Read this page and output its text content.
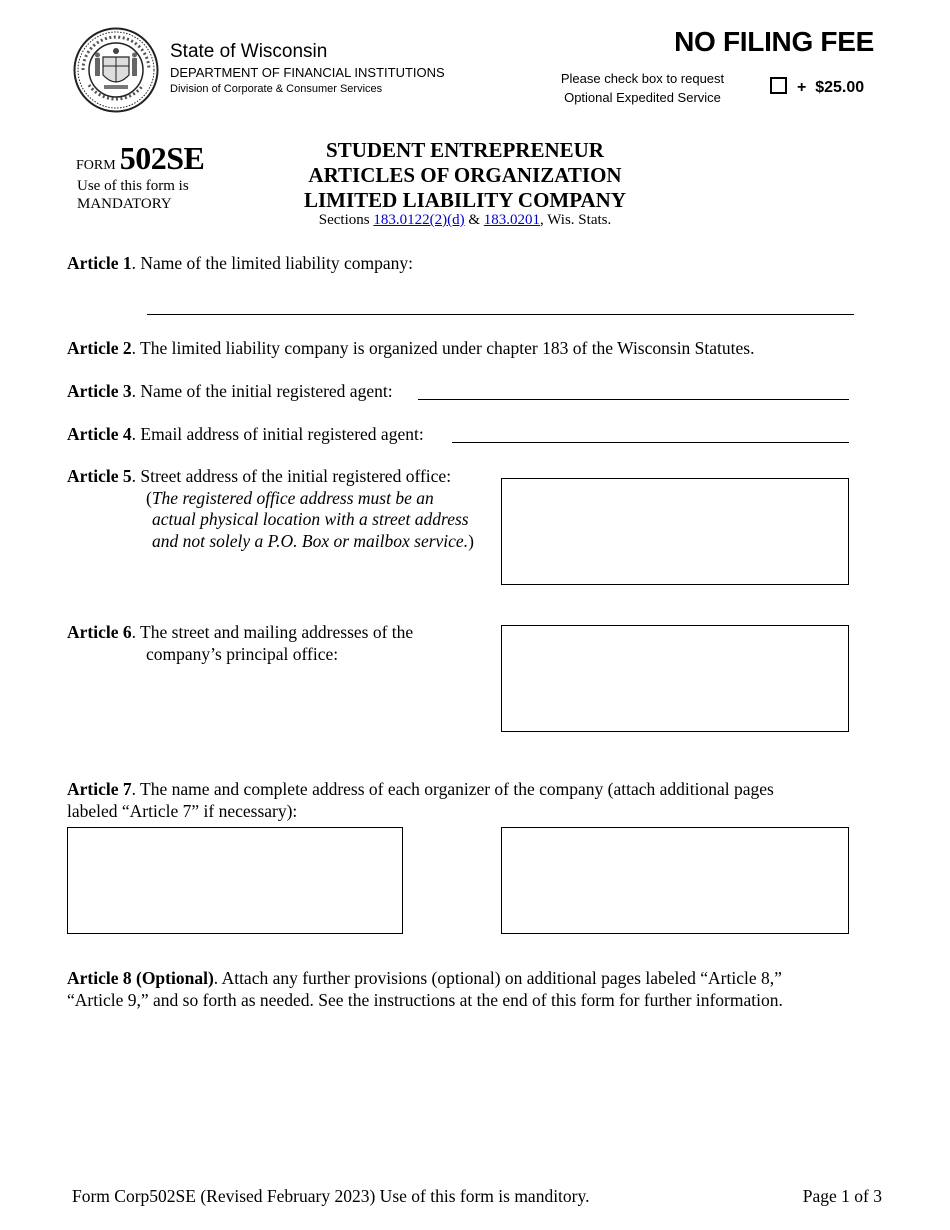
State of Wisconsin
DEPARTMENT OF FINANCIAL INSTITUTIONS
Division of Corporate & Consumer Services
NO FILING FEE
Please check box to request
Optional Expedited Service
+  $25.00
FORM 502SE
Use of this form is
MANDATORY
STUDENT ENTREPRENEUR
ARTICLES OF ORGANIZATION
LIMITED LIABILITY COMPANY
Sections 183.0122(2)(d) & 183.0201, Wis. Stats.
Article 1. Name of the limited liability company:
Article 2. The limited liability company is organized under chapter 183 of the Wisconsin Statutes.
Article 3. Name of the initial registered agent:
Article 4. Email address of initial registered agent:
Article 5. Street address of the initial registered office:
(The registered office address must be an
actual physical location with a street address
and not solely a P.O. Box or mailbox service.)
Article 6. The street and mailing addresses of the
company’s principal office:
Article 7. The name and complete address of each organizer of the company (attach additional pages
labeled “Article 7” if necessary):
Article 8 (Optional). Attach any further provisions (optional) on additional pages labeled “Article 8,”
“Article 9,” and so forth as needed. See the instructions at the end of this form for further information.
Form Corp502SE (Revised February 2023) Use of this form is manditory.	Page 1 of 3
